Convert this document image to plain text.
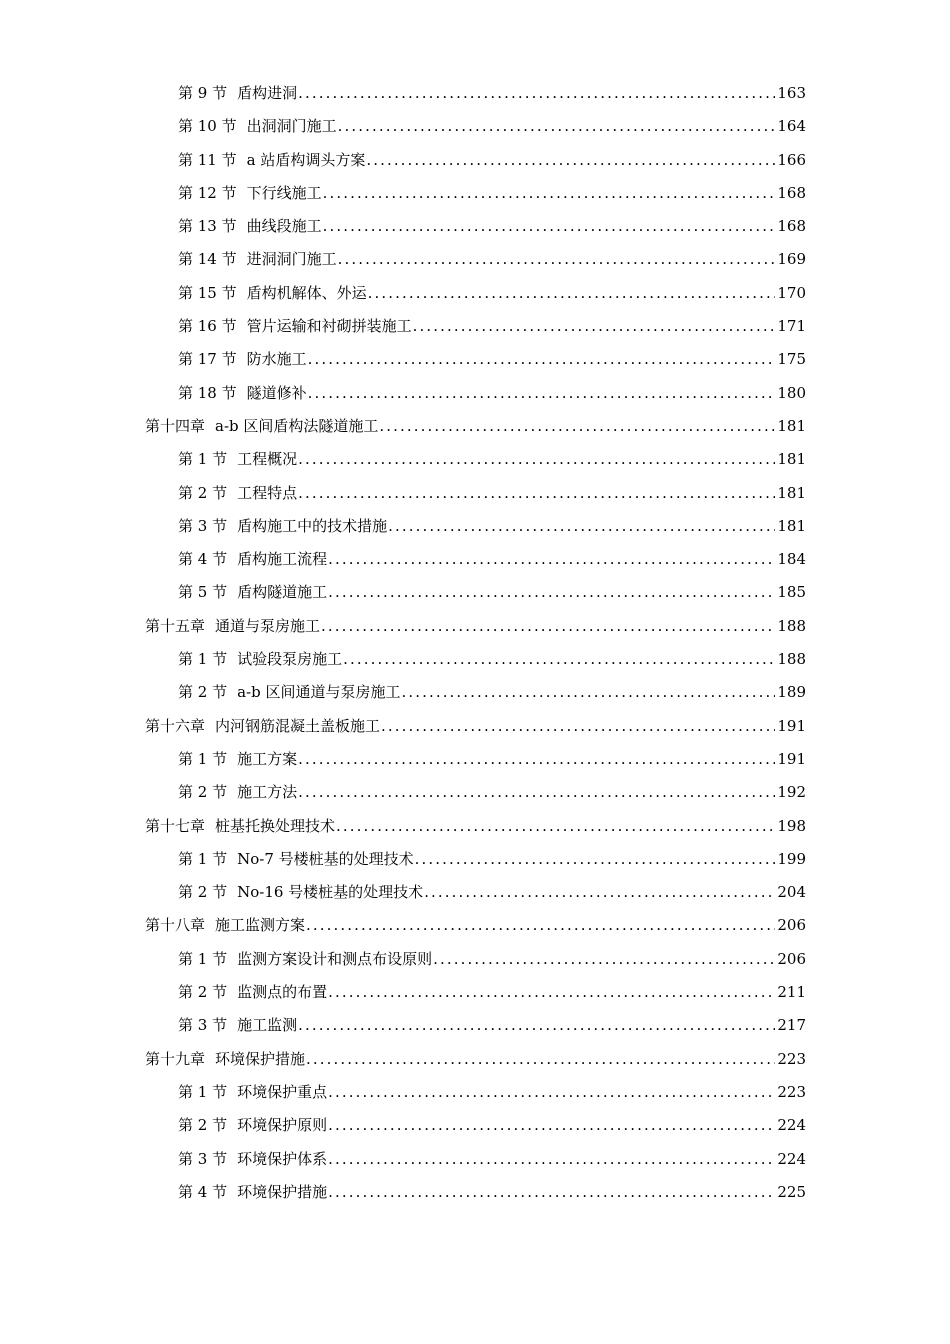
第 9 节 盾构进洞 .....	163
第 10 节 出洞洞门施工 .....	164
第 11 节 a 站盾构调头方案 .....	166
第 12 节 下行线施工 .....	168
第 13 节 曲线段施工 .....	168
第 14 节 进洞洞门施工 .....	169
第 15 节 盾构机解体、外运 .....	170
第 16 节 管片运输和衬砌拼装施工 .....	171
第 17 节 防水施工 .....	175
第 18 节 隧道修补 .....	180
第十四章 a-b 区间盾构法隧道施工 .....	181
第 1 节 工程概况 .....	181
第 2 节 工程特点 .....	181
第 3 节 盾构施工中的技术措施 .....	181
第 4 节 盾构施工流程 .....	184
第 5 节 盾构隧道施工 .....	185
第十五章 通道与泵房施工 .....	188
第 1 节 试验段泵房施工 .....	188
第 2 节 a-b 区间通道与泵房施工 .....	189
第十六章 内河钢筋混凝土盖板施工 .....	191
第 1 节 施工方案 .....	191
第 2 节 施工方法 .....	192
第十七章 桩基托换处理技术 .....	198
第 1 节 No-7 号楼桩基的处理技术 .....	199
第 2 节 No-16 号楼桩基的处理技术 .....	204
第十八章 施工监测方案 .....	206
第 1 节 监测方案设计和测点布设原则 .....	206
第 2 节 监测点的布置 .....	211
第 3 节 施工监测 .....	217
第十九章 环境保护措施 .....	223
第 1 节 环境保护重点 .....	223
第 2 节 环境保护原则 .....	224
第 3 节 环境保护体系 .....	224
第 4 节 环境保护措施 .....	225
